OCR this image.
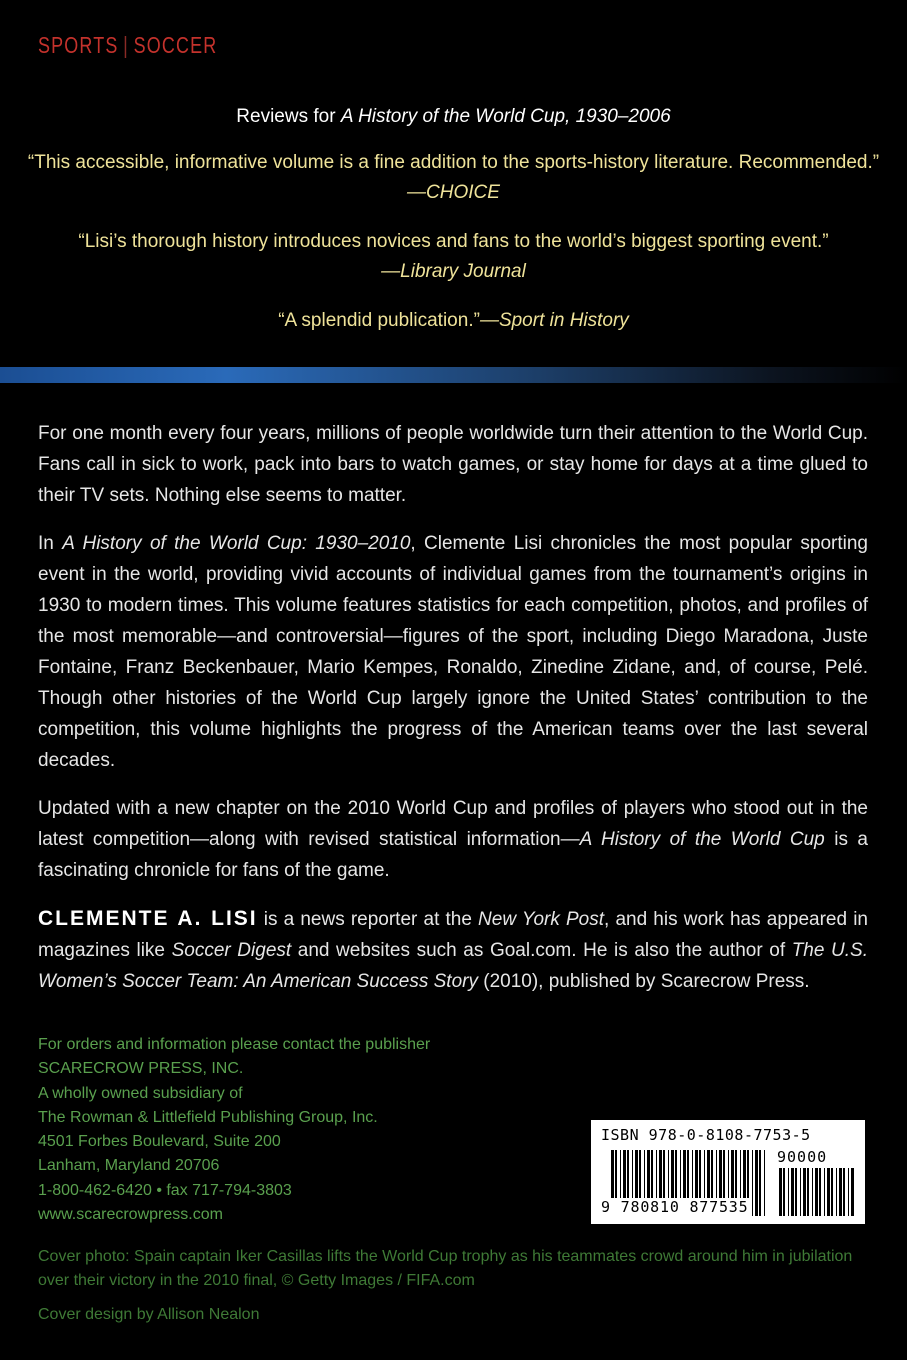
SPORTS | SOCCER
Reviews for A History of the World Cup, 1930–2006
“This accessible, informative volume is a fine addition to the sports-history literature. Recommended.”
—CHOICE
“Lisi’s thorough history introduces novices and fans to the world’s biggest sporting event.”
—Library Journal
“A splendid publication.”—Sport in History

For one month every four years, millions of people worldwide turn their attention to the World Cup. Fans call in sick to work, pack into bars to watch games, or stay home for days at a time glued to their TV sets. Nothing else seems to matter.

In A History of the World Cup: 1930–2010, Clemente Lisi chronicles the most popular sporting event in the world, providing vivid accounts of individual games from the tournament’s origins in 1930 to modern times. This volume features statistics for each competition, photos, and profiles of the most memorable—and controversial—figures of the sport, including Diego Maradona, Juste Fontaine, Franz Beckenbauer, Mario Kempes, Ronaldo, Zinedine Zidane, and, of course, Pelé. Though other histories of the World Cup largely ignore the United States’ contribution to the competition, this volume highlights the progress of the American teams over the last several decades.

Updated with a new chapter on the 2010 World Cup and profiles of players who stood out in the latest competition—along with revised statistical information—A History of the World Cup is a fascinating chronicle for fans of the game.

CLEMENTE A. LISI is a news reporter at the New York Post, and his work has appeared in magazines like Soccer Digest and websites such as Goal.com. He is also the author of The U.S. Women’s Soccer Team: An American Success Story (2010), published by Scarecrow Press.

For orders and information please contact the publisher
SCARECROW PRESS, INC.
A wholly owned subsidiary of
The Rowman & Littlefield Publishing Group, Inc.
4501 Forbes Boulevard, Suite 200
Lanham, Maryland 20706
1-800-462-6420 • fax 717-794-3803
www.scarecrowpress.com
ISBN 978-0-8108-7753-5
90000
9 780810 877535

Cover photo: Spain captain Iker Casillas lifts the World Cup trophy as his teammates crowd around him in jubilation over their victory in the 2010 final, © Getty Images / FIFA.com

Cover design by Allison Nealon
